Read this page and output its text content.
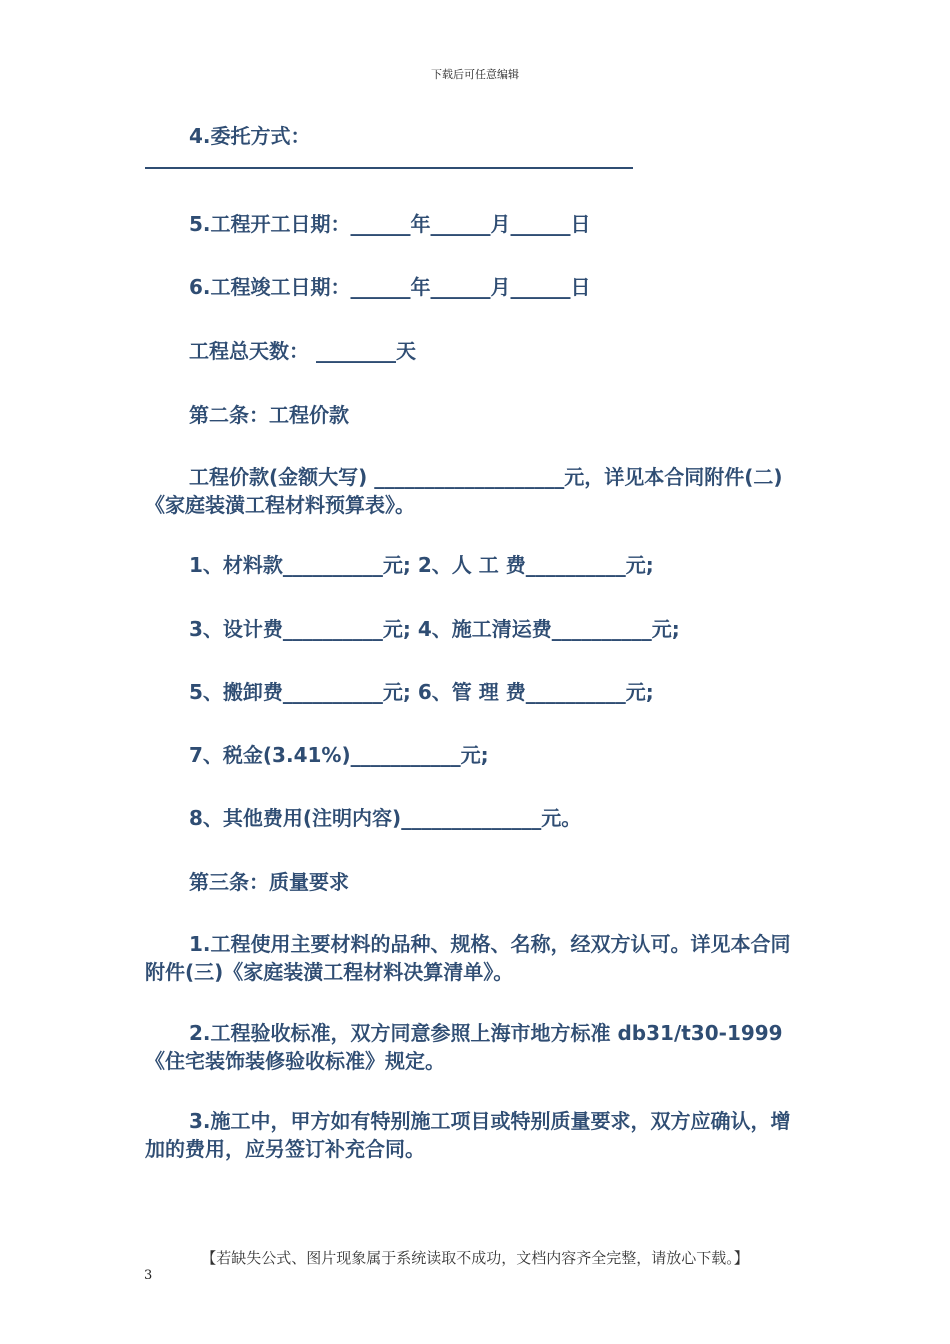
下载后可任意编辑
4.委托方式：
5.工程开工日期：______年______月______日
6.工程竣工日期：______年______月______日
工程总天数： ________天
第二条：工程价款
工程价款(金额大写) ___________________元，详见本合同附件(二)《家庭装潢工程材料预算表》。
1、材料款__________元; 2、人 工 费__________元;
3、设计费__________元; 4、施工清运费__________元;
5、搬卸费__________元; 6、管 理 费__________元;
7、税金(3.41%)___________元;
8、其他费用(注明内容)______________元。
第三条：质量要求
1.工程使用主要材料的品种、规格、名称，经双方认可。详见本合同附件(三)《家庭装潢工程材料决算清单》。
2.工程验收标准，双方同意参照上海市地方标准 db31/t30-1999《住宅装饰装修验收标准》规定。
3.施工中，甲方如有特别施工项目或特别质量要求，双方应确认，增加的费用，应另签订补充合同。
【若缺失公式、图片现象属于系统读取不成功，文档内容齐全完整，请放心下载。】
3
